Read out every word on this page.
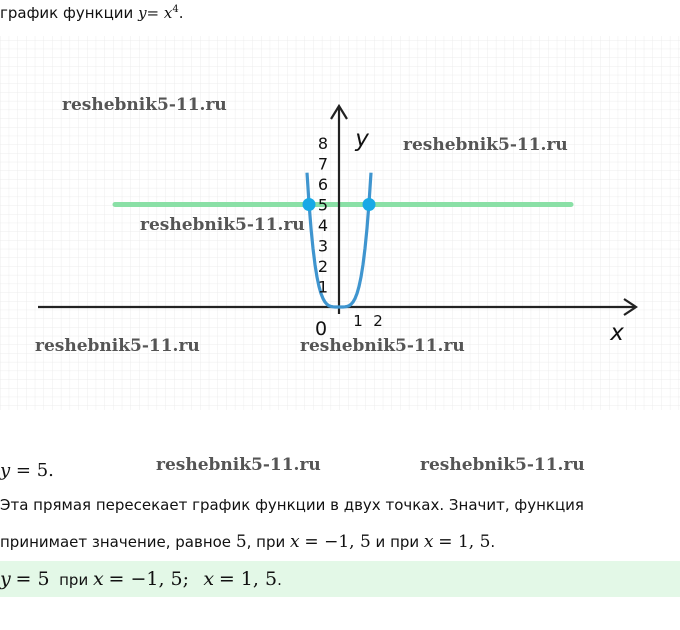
график функции $y= x^4$.
1
2
3
4
5
6
7
8
1 2
0	x
y
reshebnik5-11.ru
reshebnik5-11.ru
reshebnik5-11.ru
reshebnik5-11.ru	reshebnik5-11.ru
reshebnik5-11.ru	reshebnik5-11.ru
y = 5.
Эта прямая пересекает график функции в двух точках. Значит, функция
принимает значение, равное 5, при x = −1, 5 и при x = 1, 5.
y = 5 при x = −1, 5; x = 1, 5.
